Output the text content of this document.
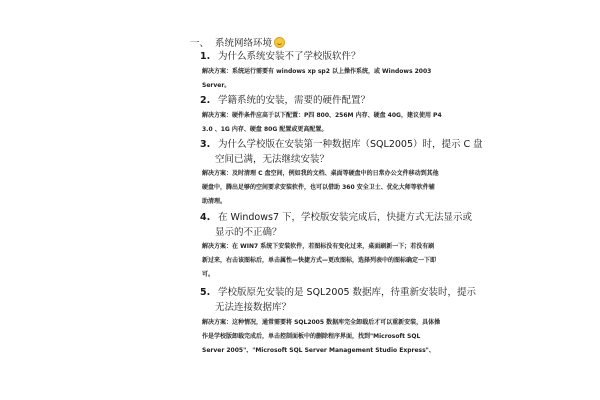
一、 系统网络环境
1. 为什么系统安装不了学校版软件？
解决方案：系统运行需要有 windows xp sp2 以上操作系统，或 Windows 2003
Server。
2. 学籍系统的安装，需要的硬件配置？
解决方案：硬件条件应高于以下配置：P四 800、256M 内存、硬盘 40G，建议使用 P4
3.0 、1G 内存、硬盘 80G 配置或更高配置。
3. 为什么学校版在安装第一种数据库（SQL2005）时，提示 C 盘
空间已满，无法继续安装？
解决方案：及时清理 C 盘空间，例如我的文档、桌面等硬盘中的日常办公文件移动到其他
硬盘中，腾出足够的空间要求安装软件，也可以借助 360 安全卫士、优化大师等软件辅
助清理。
4. 在 Windows7 下，学校版安装完成后，快捷方式无法显示或
显示的不正确？
解决方案：在 WIN7 系统下安装软件，若图标没有变化过来，桌面刷新一下；若没有刷
新过来，右击该图标后，单击属性—快捷方式—更改图标，选择列表中的图标确定一下即
可。
5. 学校版原先安装的是 SQL2005 数据库，待重新安装时，提示
无法连接数据库？
解决方案：这种情况，通常需要将 SQL2005 数据库完全卸载后才可以重新安装，具体操
作是学校版卸载完成后，单击控制面板中的删除程序界面，找到"Microsoft SQL
Server 2005"、"Microsoft SQL Server Management Studio Express"、
